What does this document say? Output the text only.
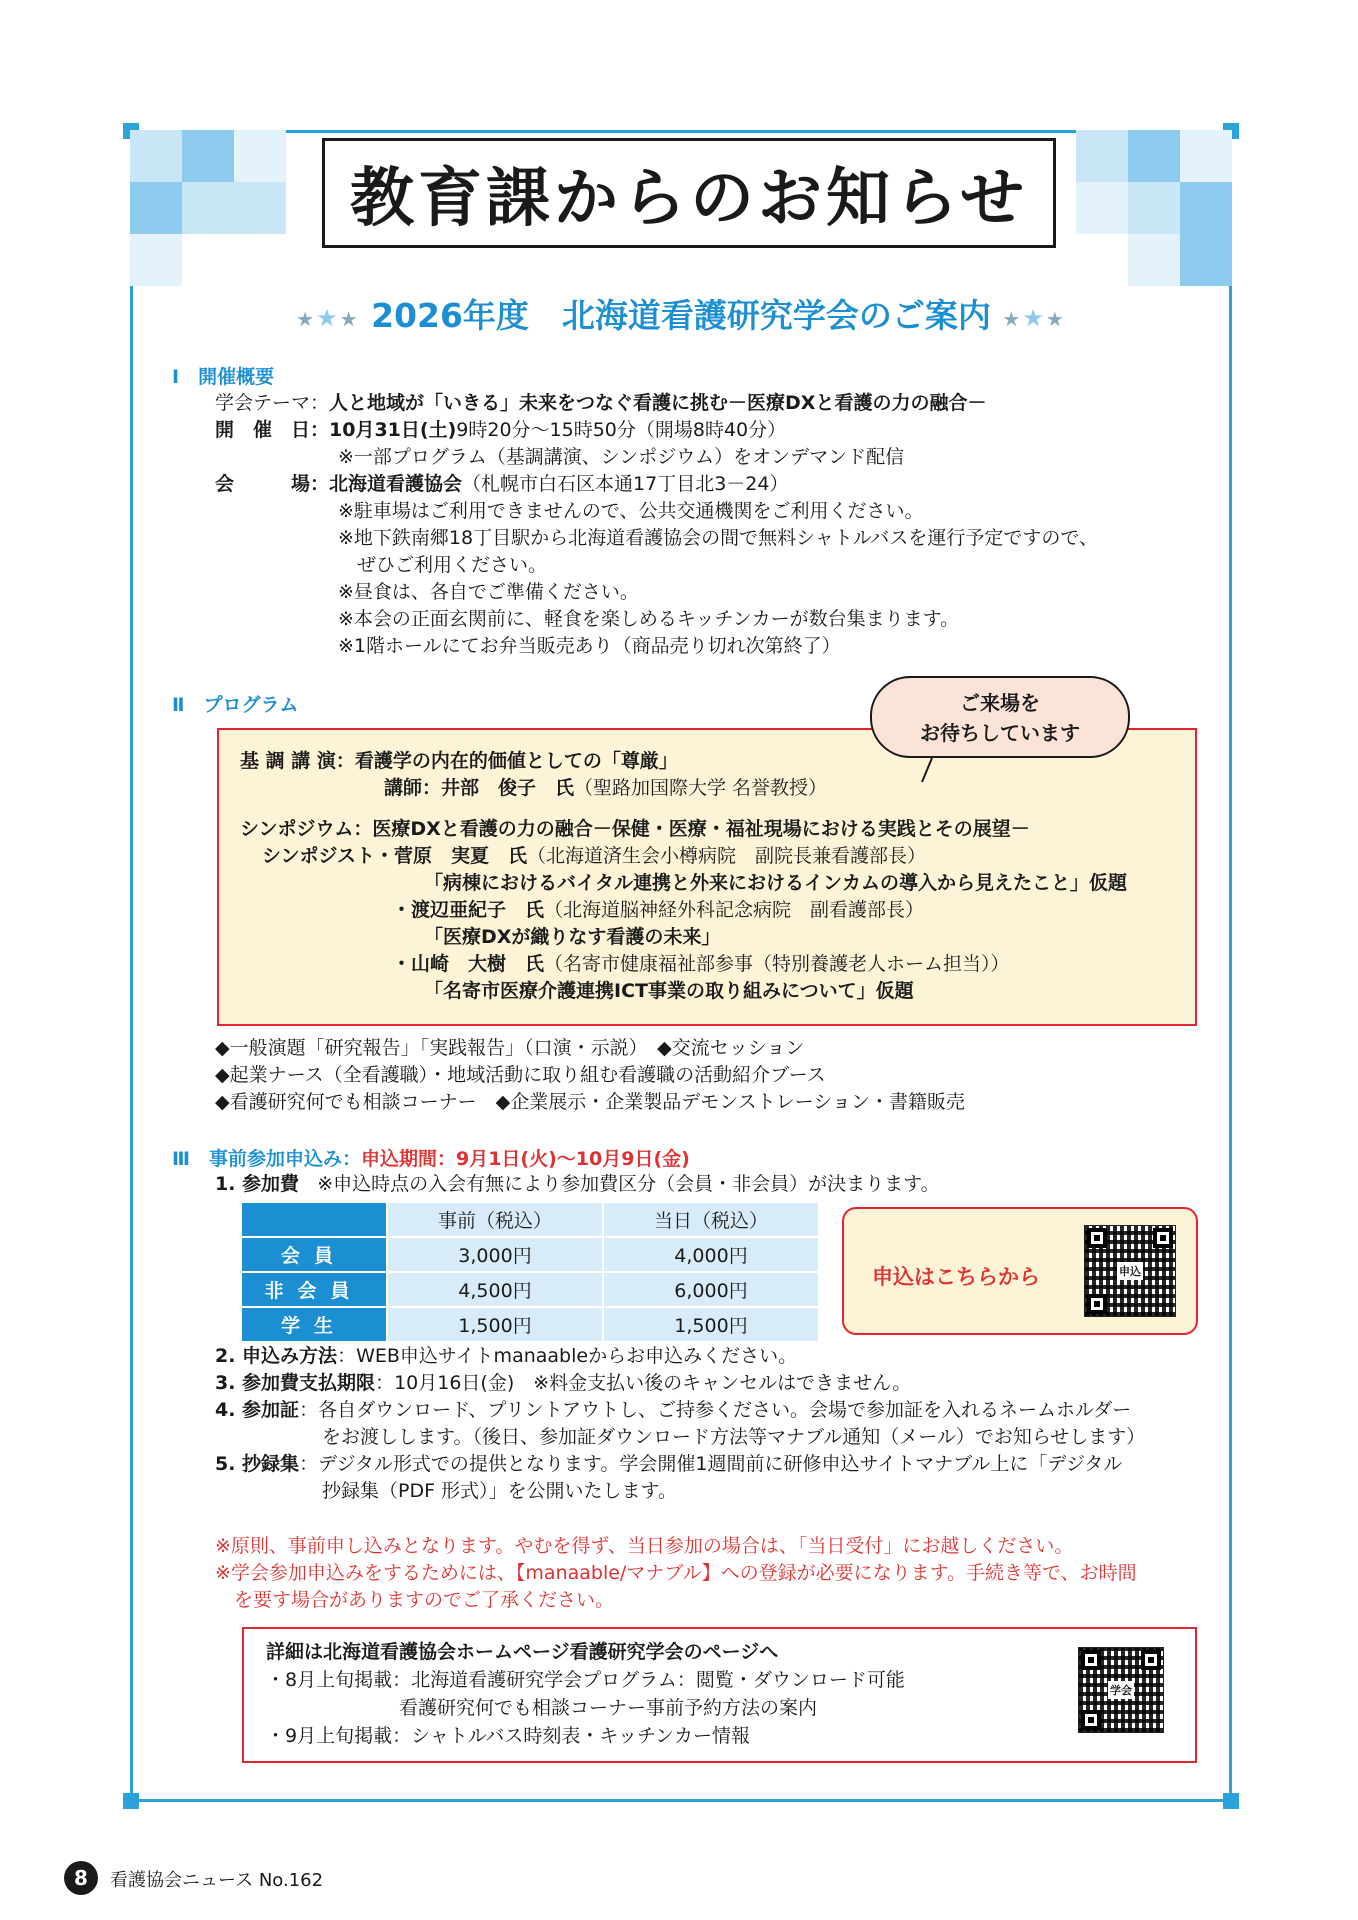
教育課からのお知らせ
★★★ 2026年度　北海道看護研究学会のご案内 ★★★
Ⅰ　開催概要
学会テーマ：人と地域が「いきる」未来をつなぐ看護に挑む－医療DXと看護の力の融合－
開　催　日：10月31日(土)9時20分～15時50分（開場8時40分）
※一部プログラム（基調講演、シンポジウム）をオンデマンド配信
会　　　場：北海道看護協会（札幌市白石区本通17丁目北3－24）
※駐車場はご利用できませんので、公共交通機関をご利用ください。
※地下鉄南郷18丁目駅から北海道看護協会の間で無料シャトルバスを運行予定ですので、
　ぜひご利用ください。
※昼食は、各自でご準備ください。
※本会の正面玄関前に、軽食を楽しめるキッチンカーが数台集まります。
※1階ホールにてお弁当販売あり（商品売り切れ次第終了）
Ⅱ　プログラム	ご来場を
お待ちしています
基 調 講 演：看護学の内在的価値としての「尊厳」
講師：井部　俊子　氏（聖路加国際大学 名誉教授）
シンポジウム：医療DXと看護の力の融合－保健・医療・福祉現場における実践とその展望－
シンポジスト・菅原　実夏　氏（北海道済生会小樽病院　副院長兼看護部長）
「病棟におけるバイタル連携と外来におけるインカムの導入から見えたこと」仮題
・渡辺亜紀子　氏（北海道脳神経外科記念病院　副看護部長）
「医療DXが織りなす看護の未来」
・山崎　大樹　氏（名寄市健康福祉部参事（特別養護老人ホーム担当））
「名寄市医療介護連携ICT事業の取り組みについて」仮題
◆一般演題「研究報告」「実践報告」（口演・示説）　◆交流セッション
◆起業ナース（全看護職）・地域活動に取り組む看護職の活動紹介ブース
◆看護研究何でも相談コーナー　◆企業展示・企業製品デモンストレーション・書籍販売
Ⅲ　事前参加申込み：申込期間：9月1日(火)～10月9日(金)
1. 参加費 ※申込時点の入会有無により参加費区分（会員・非会員）が決まります。
	事前（税込）	当日（税込）
会員	3,000円	4,000円
非会員	4,500円	6,000円
学生	1,500円	1,500円
申込はこちらから	申込
2. 申込み方法：WEB申込サイトmanaableからお申込みください。
3. 参加費支払期限：10月16日(金)　※料金支払い後のキャンセルはできません。
4. 参加証：各自ダウンロード、プリントアウトし、ご持参ください。会場で参加証を入れるネームホルダー
をお渡しします。（後日、参加証ダウンロード方法等マナブル通知（メール）でお知らせします）
5. 抄録集：デジタル形式での提供となります。学会開催1週間前に研修申込サイトマナブル上に「デジタル
抄録集（PDF 形式）」を公開いたします。
※原則、事前申し込みとなります。やむを得ず、当日参加の場合は、「当日受付」にお越しください。
※学会参加申込みをするためには、【manaable/マナブル】への登録が必要になります。手続き等で、お時間
　を要す場合がありますのでご了承ください。
詳細は北海道看護協会ホームページ看護研究学会のページへ
・8月上旬掲載：北海道看護研究学会プログラム：閲覧・ダウンロード可能
　　　　　　　看護研究何でも相談コーナー事前予約方法の案内
・9月上旬掲載：シャトルバス時刻表・キッチンカー情報
学会
8	看護協会ニュース No.162
